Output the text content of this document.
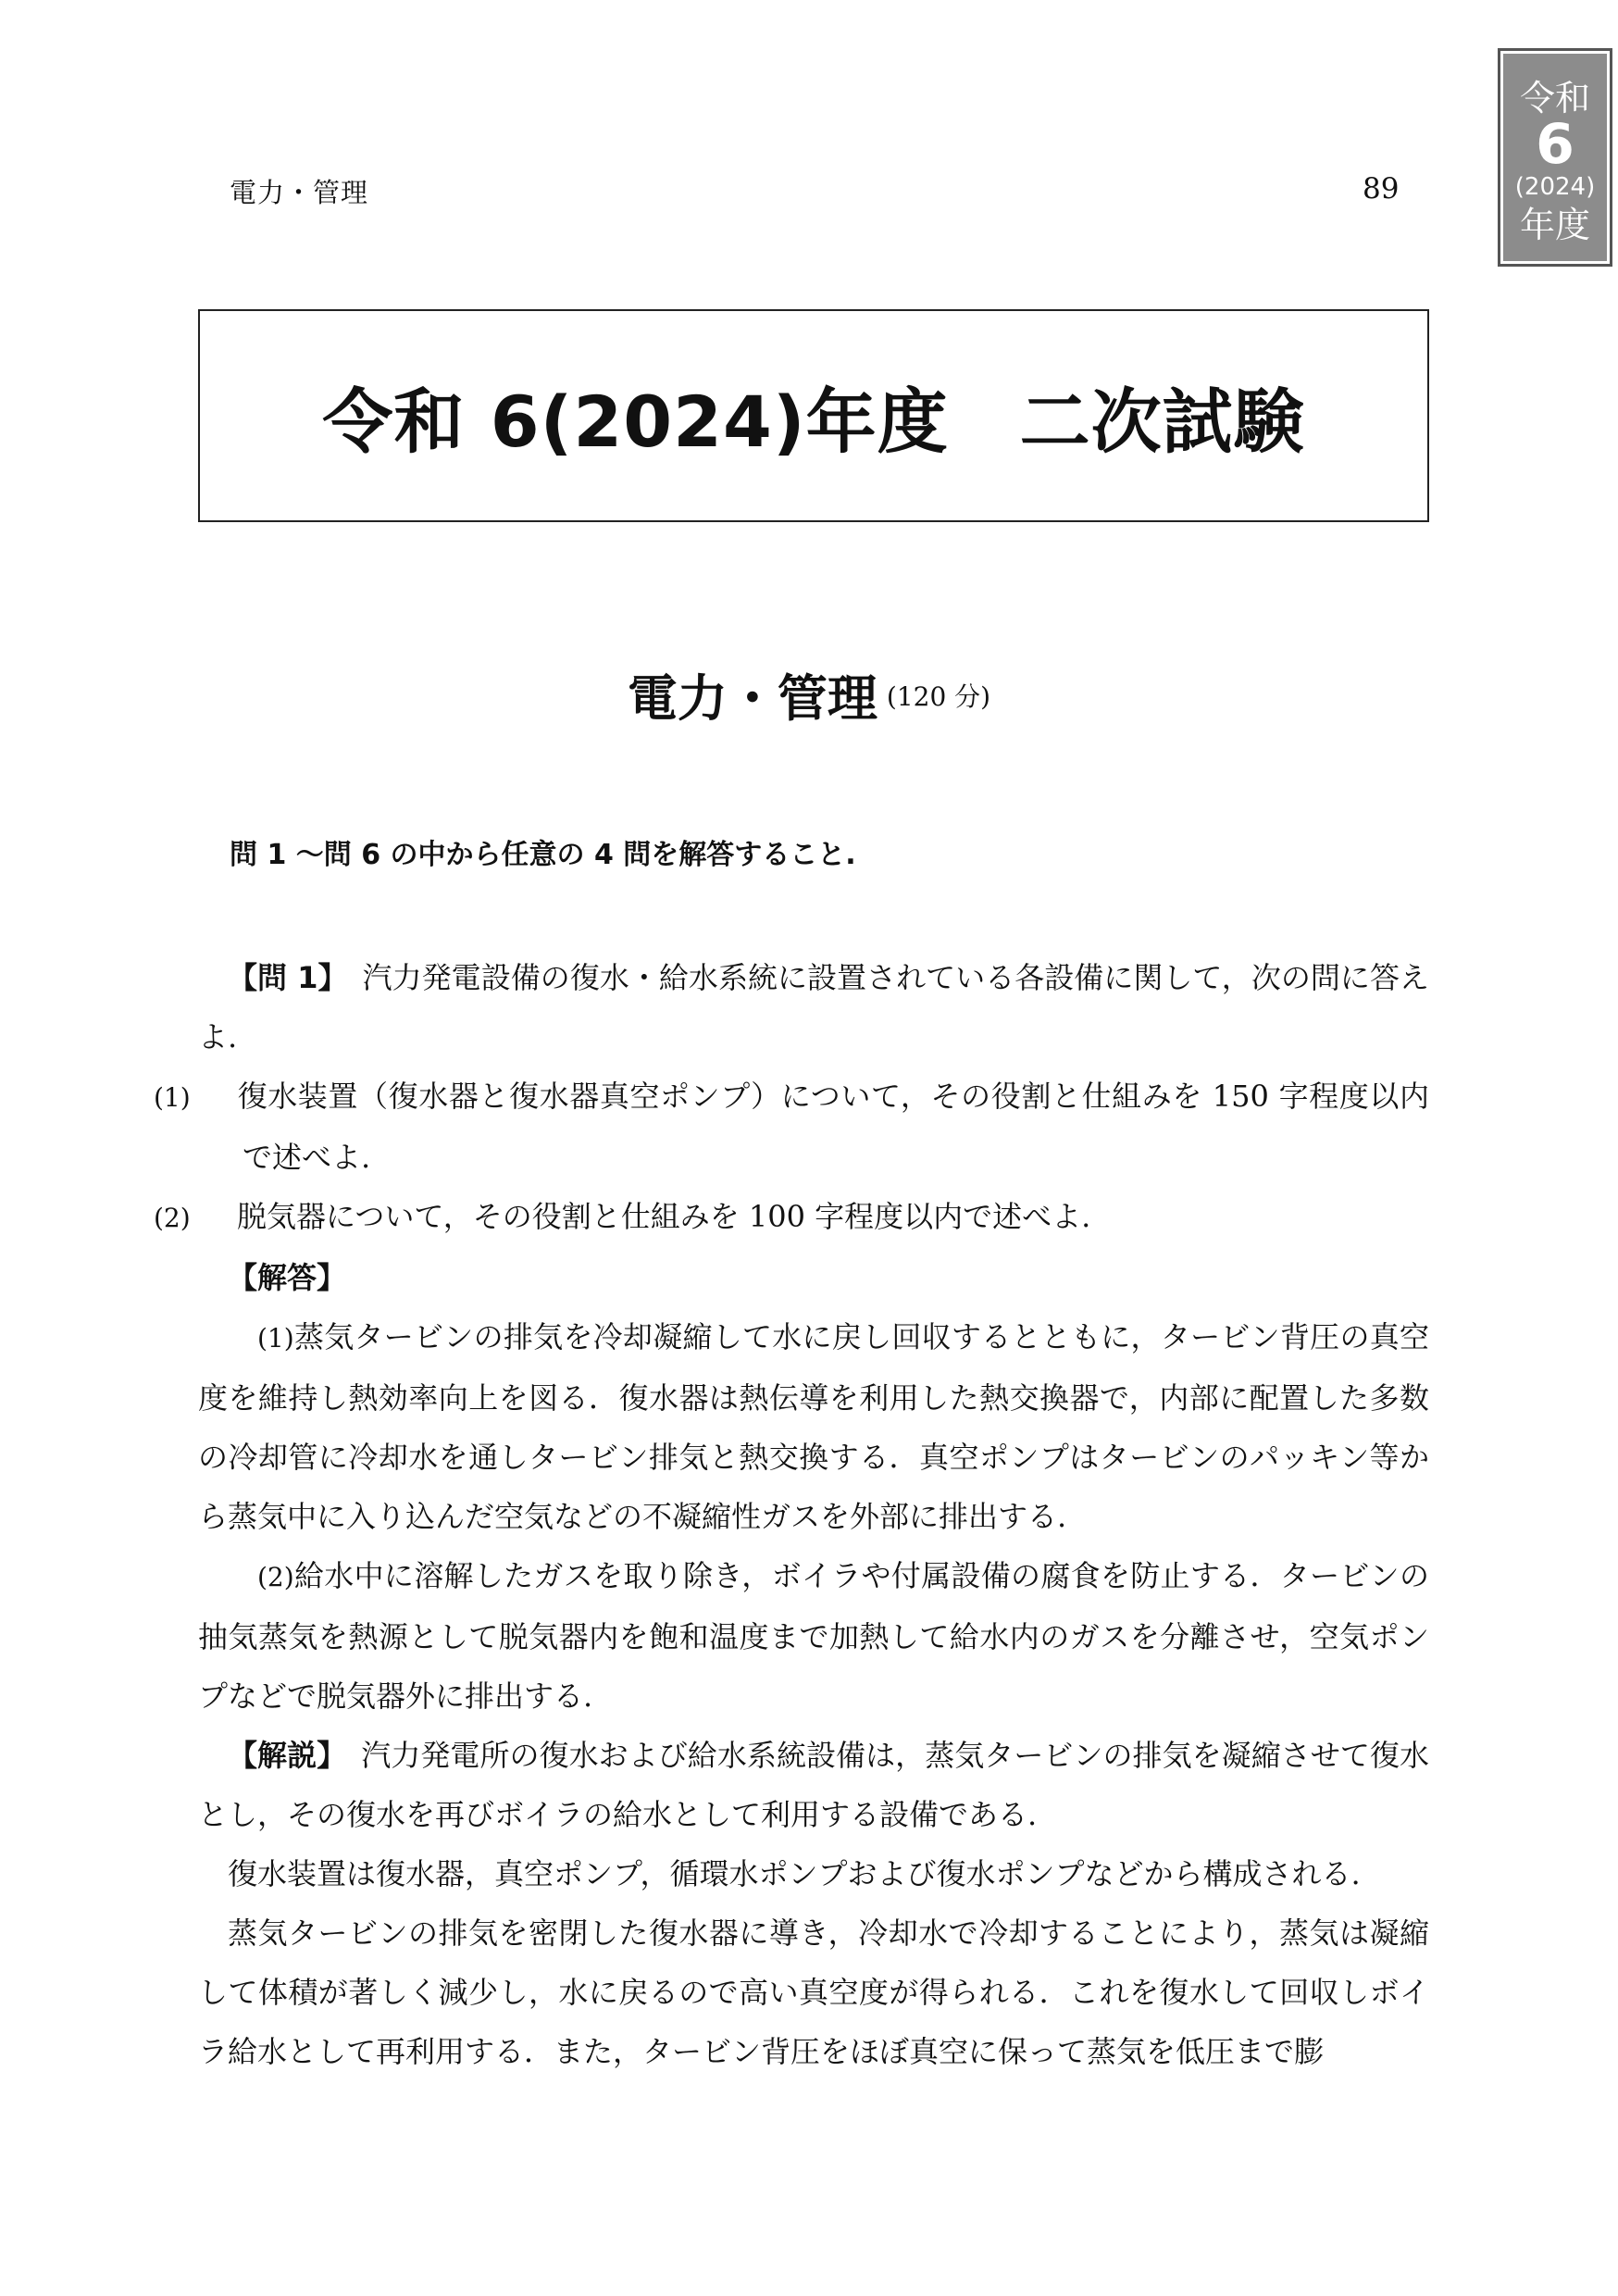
令和
6
(2024)
年度
電力・管理	89
令和 6(2024)年度　二次試験
電力・管理 (120 分)
問 1 ～問 6 の中から任意の 4 問を解答すること.

【問 1】　 汽力発電設備の復水・給水系統に設置されている各設備に関して，次の問に答えよ.

(1) 復水装置（復水器と復水器真空ポンプ）について，その役割と仕組みを 150 字程度以内で述べよ.

(2) 脱気器について，その役割と仕組みを 100 字程度以内で述べよ.

【解答】

(1)蒸気タービンの排気を冷却凝縮して水に戻し回収するとともに，タービン背圧の真空度を維持し熱効率向上を図る．復水器は熱伝導を利用した熱交換器で，内部に配置した多数の冷却管に冷却水を通しタービン排気と熱交換する．真空ポンプはタービンのパッキン等から蒸気中に入り込んだ空気などの不凝縮性ガスを外部に排出する.

(2)給水中に溶解したガスを取り除き，ボイラや付属設備の腐食を防止する．タービンの抽気蒸気を熱源として脱気器内を飽和温度まで加熱して給水内のガスを分離させ，空気ポンプなどで脱気器外に排出する.

【解説】　 汽力発電所の復水および給水系統設備は，蒸気タービンの排気を凝縮させて復水とし，その復水を再びボイラの給水として利用する設備である.

復水装置は復水器，真空ポンプ，循環水ポンプおよび復水ポンプなどから構成される.

蒸気タービンの排気を密閉した復水器に導き，冷却水で冷却することにより，蒸気は凝縮して体積が著しく減少し，水に戻るので高い真空度が得られる．これを復水して回収しボイラ給水として再利用する．また，タービン背圧をほぼ真空に保って蒸気を低圧まで膨
